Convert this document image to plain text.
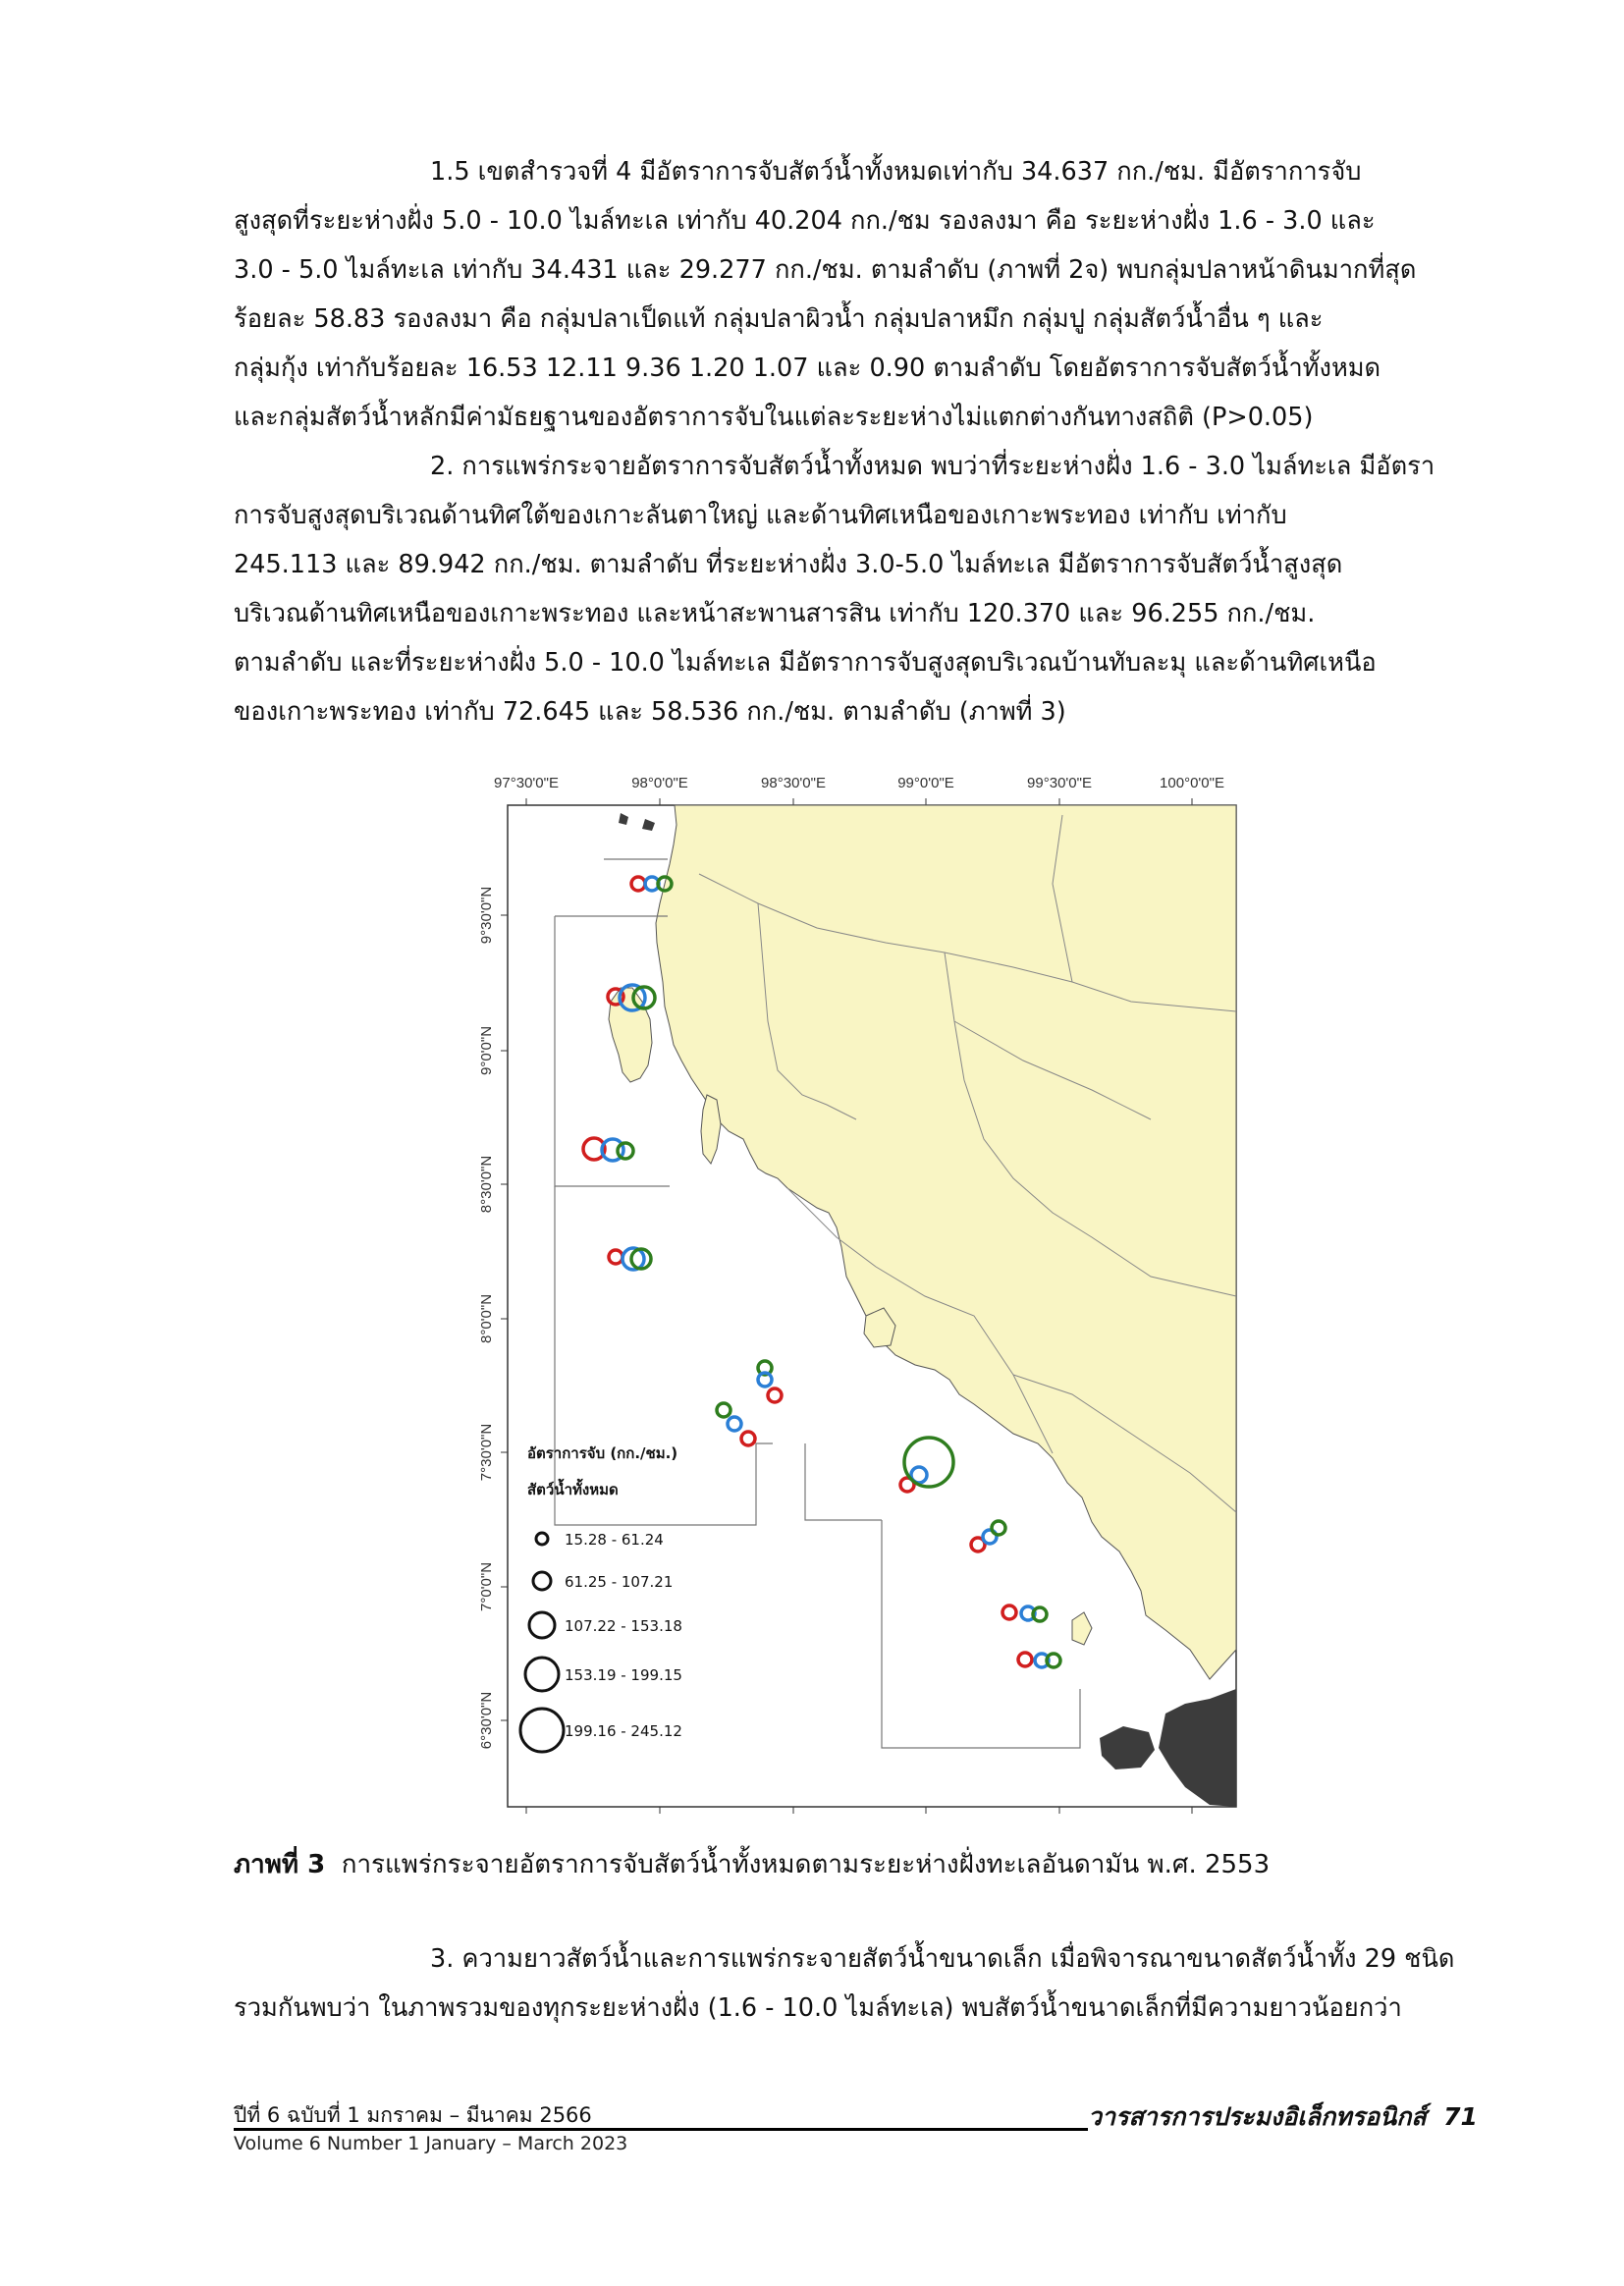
1.5 เขตสำรวจที่ 4 มีอัตราการจับสัตว์น้ำทั้งหมดเท่ากับ 34.637 กก./ชม. มีอัตราการจับ
สูงสุดที่ระยะห่างฝั่ง 5.0 - 10.0 ไมล์ทะเล เท่ากับ 40.204 กก./ชม รองลงมา คือ ระยะห่างฝั่ง 1.6 - 3.0 และ
3.0 - 5.0 ไมล์ทะเล เท่ากับ 34.431 และ 29.277 กก./ชม. ตามลำดับ (ภาพที่ 2จ) พบกลุ่มปลาหน้าดินมากที่สุด
ร้อยละ 58.83 รองลงมา คือ กลุ่มปลาเป็ดแท้ กลุ่มปลาผิวน้ำ กลุ่มปลาหมึก กลุ่มปู กลุ่มสัตว์น้ำอื่น ๆ และ
กลุ่มกุ้ง เท่ากับร้อยละ 16.53 12.11 9.36 1.20 1.07 และ 0.90 ตามลำดับ โดยอัตราการจับสัตว์น้ำทั้งหมด
และกลุ่มสัตว์น้ำหลักมีค่ามัธยฐานของอัตราการจับในแต่ละระยะห่างไม่แตกต่างกันทางสถิติ (P>0.05)
2. การแพร่กระจายอัตราการจับสัตว์น้ำทั้งหมด พบว่าที่ระยะห่างฝั่ง 1.6 - 3.0 ไมล์ทะเล มีอัตรา
การจับสูงสุดบริเวณด้านทิศใต้ของเกาะลันตาใหญ่ และด้านทิศเหนือของเกาะพระทอง เท่ากับ เท่ากับ
245.113 และ 89.942 กก./ชม. ตามลำดับ ที่ระยะห่างฝั่ง 3.0-5.0 ไมล์ทะเล มีอัตราการจับสัตว์น้ำสูงสุด
บริเวณด้านทิศเหนือของเกาะพระทอง และหน้าสะพานสารสิน เท่ากับ 120.370 และ 96.255 กก./ชม.
ตามลำดับ และที่ระยะห่างฝั่ง 5.0 - 10.0 ไมล์ทะเล มีอัตราการจับสูงสุดบริเวณบ้านทับละมุ และด้านทิศเหนือ
ของเกาะพระทอง เท่ากับ 72.645 และ 58.536 กก./ชม. ตามลำดับ (ภาพที่ 3)
97°30'0"E	98°0'0"E	98°30'0"E	99°0'0"E	99°30'0"E	100°0'0"E
9°30'0"N
9°0'0"N
8°30'0"N
8°0'0"N
7°30'0"N
7°0'0"N
6°30'0"N
อัตราการจับ (กก./ชม.)
สัตว์น้ำทั้งหมด
15.28 - 61.24
61.25 - 107.21
107.22 - 153.18
153.19 - 199.15
199.16 - 245.12
ภาพที่ 3 การแพร่กระจายอัตราการจับสัตว์น้ำทั้งหมดตามระยะห่างฝั่งทะเลอันดามัน พ.ศ. 2553
3. ความยาวสัตว์น้ำและการแพร่กระจายสัตว์น้ำขนาดเล็ก เมื่อพิจารณาขนาดสัตว์น้ำทั้ง 29 ชนิด
รวมกันพบว่า ในภาพรวมของทุกระยะห่างฝั่ง (1.6 - 10.0 ไมล์ทะเล) พบสัตว์น้ำขนาดเล็กที่มีความยาวน้อยกว่า
ปีที่ 6 ฉบับที่ 1 มกราคม – มีนาคม 2566
Volume 6 Number 1 January – March 2023
วารสารการประมงอิเล็กทรอนิกส์ 71
